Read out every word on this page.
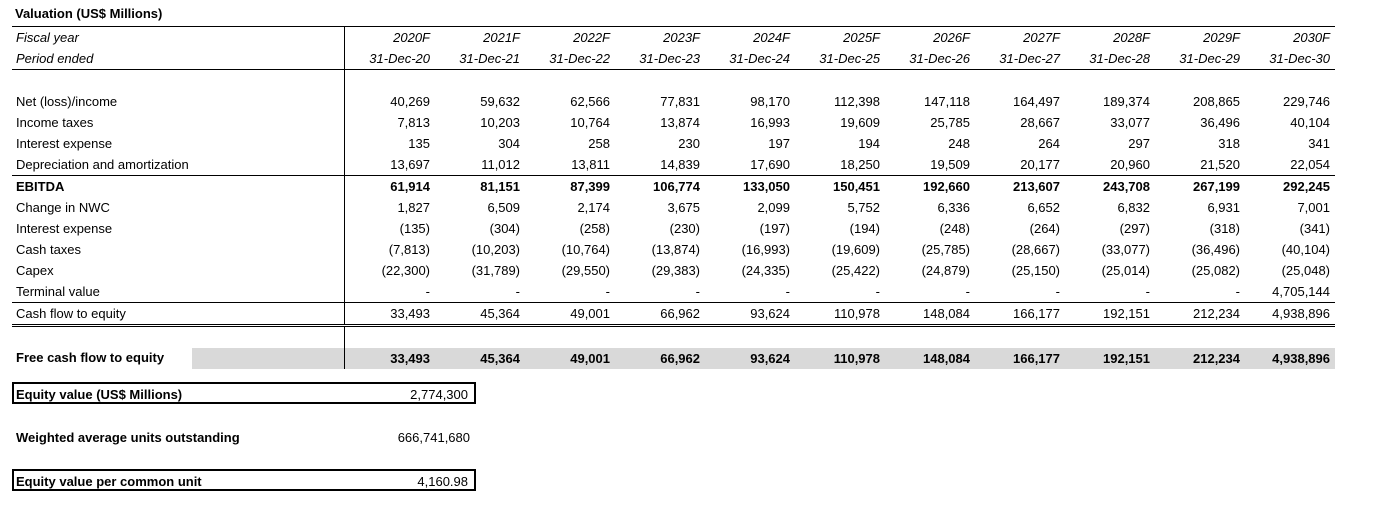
Valuation (US$ Millions)
Fiscal year	2020F	2021F	2022F	2023F	2024F	2025F	2026F	2027F	2028F	2029F	2030F
Period ended	31-Dec-20	31-Dec-21	31-Dec-22	31-Dec-23	31-Dec-24	31-Dec-25	31-Dec-26	31-Dec-27	31-Dec-28	31-Dec-29	31-Dec-30

Net (loss)/income	40,269	59,632	62,566	77,831	98,170	112,398	147,118	164,497	189,374	208,865	229,746
Income taxes	7,813	10,203	10,764	13,874	16,993	19,609	25,785	28,667	33,077	36,496	40,104
Interest expense	135	304	258	230	197	194	248	264	297	318	341
Depreciation and amortization	13,697	11,012	13,811	14,839	17,690	18,250	19,509	20,177	20,960	21,520	22,054
EBITDA	61,914	81,151	87,399	106,774	133,050	150,451	192,660	213,607	243,708	267,199	292,245
Change in NWC	1,827	6,509	2,174	3,675	2,099	5,752	6,336	6,652	6,832	6,931	7,001
Interest expense	(135)	(304)	(258)	(230)	(197)	(194)	(248)	(264)	(297)	(318)	(341)
Cash taxes	(7,813)	(10,203)	(10,764)	(13,874)	(16,993)	(19,609)	(25,785)	(28,667)	(33,077)	(36,496)	(40,104)
Capex	(22,300)	(31,789)	(29,550)	(29,383)	(24,335)	(25,422)	(24,879)	(25,150)	(25,014)	(25,082)	(25,048)
Terminal value	-	-	-	-	-	-	-	-	-	-	4,705,144
Cash flow to equity	33,493	45,364	49,001	66,962	93,624	110,978	148,084	166,177	192,151	212,234	4,938,896

Free cash flow to equity	33,493	45,364	49,001	66,962	93,624	110,978	148,084	166,177	192,151	212,234	4,938,896
Equity value (US$ Millions)	2,774,300
Weighted average units outstanding	666,741,680
Equity value per common unit	4,160.98
